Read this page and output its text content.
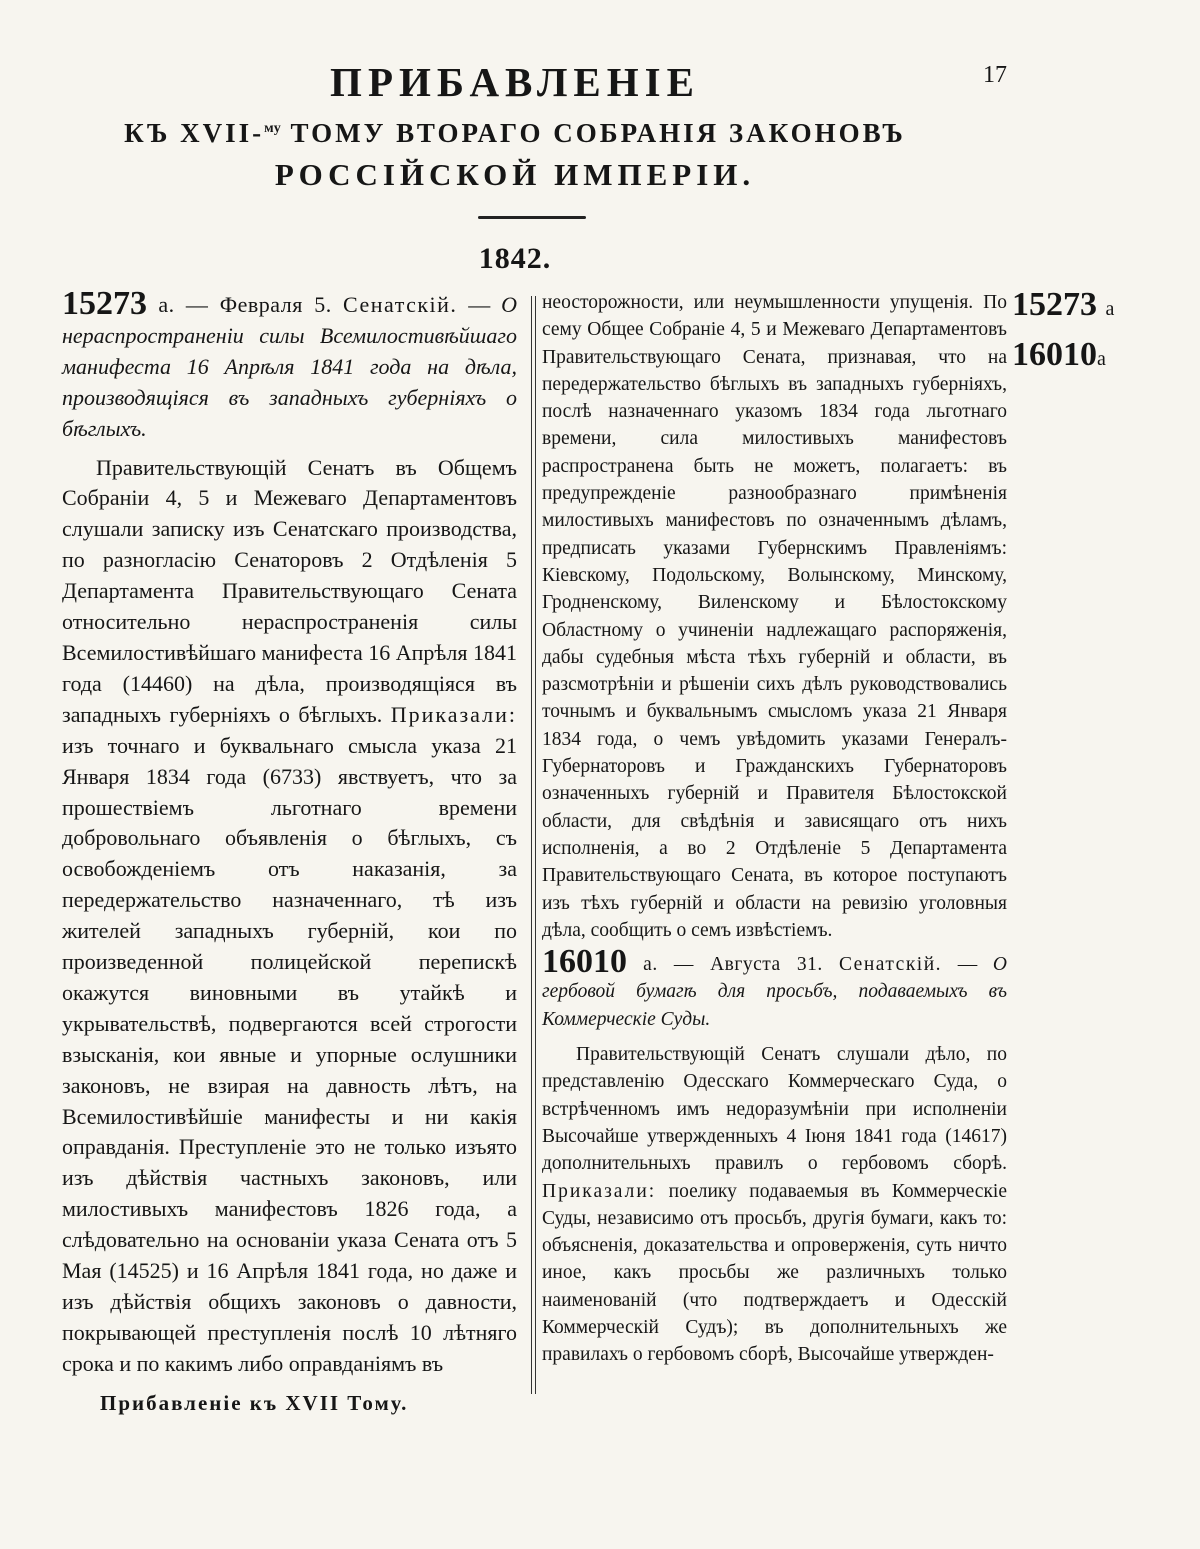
17
ПРИБАВЛЕНІЕ
КЪ XVII-$^{му}$ ТОМУ ВТОРАГО СОБРАНІЯ ЗАКОНОВЪ
РОССІЙСКОЙ ИМПЕРІИ.
1842.
15273 а
16010а

15273 а. — Февраля 5. Сенатскій. — О нераспространеніи силы Всемилостивѣйшаго манифеста 16 Апрѣля 1841 года на дѣла, производящіяся въ западныхъ губерніяхъ о бѣглыхъ.

Правительствующій Сенатъ въ Общемъ Собраніи 4, 5 и Межеваго Департаментовъ слушали записку изъ Сенатскаго производства, по разногласію Сенаторовъ 2 Отдѣленія 5 Департамента Правительствующаго Сената относительно нераспространенія силы Всемилостивѣйшаго манифеста 16 Апрѣля 1841 года (14460) на дѣла, производящіяся въ западныхъ губерніяхъ о бѣглыхъ. Приказали: изъ точнаго и буквальнаго смысла указа 21 Января 1834 года (6733) явствуетъ, что за прошествіемъ льготнаго времени добровольнаго объявленія о бѣглыхъ, съ освобожденіемъ отъ наказанія, за передержательство назначеннаго, тѣ изъ жителей западныхъ губерній, кои по произведенной полицейской перепискѣ окажутся виновными въ утайкѣ и укрывательствѣ, подвергаются всей строгости взысканія, кои явные и упорные ослушники законовъ, не взирая на давность лѣтъ, на Всемилостивѣйшіе манифесты и ни какія оправданія. Преступленіе это не только изъято изъ дѣйствія частныхъ законовъ, или милостивыхъ манифестовъ 1826 года, а слѣдовательно на основаніи указа Сената отъ 5 Мая (14525) и 16 Апрѣля 1841 года, но даже и изъ дѣйствія общихъ законовъ о давности, покрывающей преступленія послѣ 10 лѣтняго срока и по какимъ либо оправданіямъ въ

неосторожности, или неумышленности упущенія. По сему Общее Собраніе 4, 5 и Межеваго Департаментовъ Правительствующаго Сената, признавая, что на передержательство бѣглыхъ въ западныхъ губерніяхъ, послѣ назначеннаго указомъ 1834 года льготнаго времени, сила милостивыхъ манифестовъ распространена быть не можетъ, полагаетъ: въ предупрежденіе разнообразнаго примѣненія милостивыхъ манифестовъ по означеннымъ дѣламъ, предписать указами Губернскимъ Правленіямъ: Кіевскому, Подольскому, Волынскому, Минскому, Гродненскому, Виленскому и Бѣлостокскому Областному о учиненіи надлежащаго распоряженія, дабы судебныя мѣста тѣхъ губерній и области, въ разсмотрѣніи и рѣшеніи сихъ дѣлъ руководствовались точнымъ и буквальнымъ смысломъ указа 21 Января 1834 года, о чемъ увѣдомить указами Генералъ-Губернаторовъ и Гражданскихъ Губернаторовъ означенныхъ губерній и Правителя Бѣлостокской области, для свѣдѣнія и зависящаго отъ нихъ исполненія, а во 2 Отдѣленіе 5 Департамента Правительствующаго Сената, въ которое поступаютъ изъ тѣхъ губерній и области на ревизію уголовныя дѣла, сообщить о семъ извѣстіемъ.

16010 а. — Августа 31. Сенатскій. — О гербовой бумагѣ для просьбъ, подаваемыхъ въ Коммерческіе Суды.

Правительствующій Сенатъ слушали дѣло, по представленію Одесскаго Коммерческаго Суда, о встрѣченномъ имъ недоразумѣніи при исполненіи Высочайше утвержденныхъ 4 Іюня 1841 года (14617) дополнительныхъ правилъ о гербовомъ сборѣ. Приказали: поелику подаваемыя въ Коммерческіе Суды, независимо отъ просьбъ, другія бумаги, какъ то: объясненія, доказательства и опроверженія, суть ничто иное, какъ просьбы же различныхъ только наименованій (что подтверждаетъ и Одесскій Коммерческій Судъ); въ дополнительныхъ же правилахъ о гербовомъ сборѣ, Высочайше утвержден-

Прибавленіе къ XVII Тому.
